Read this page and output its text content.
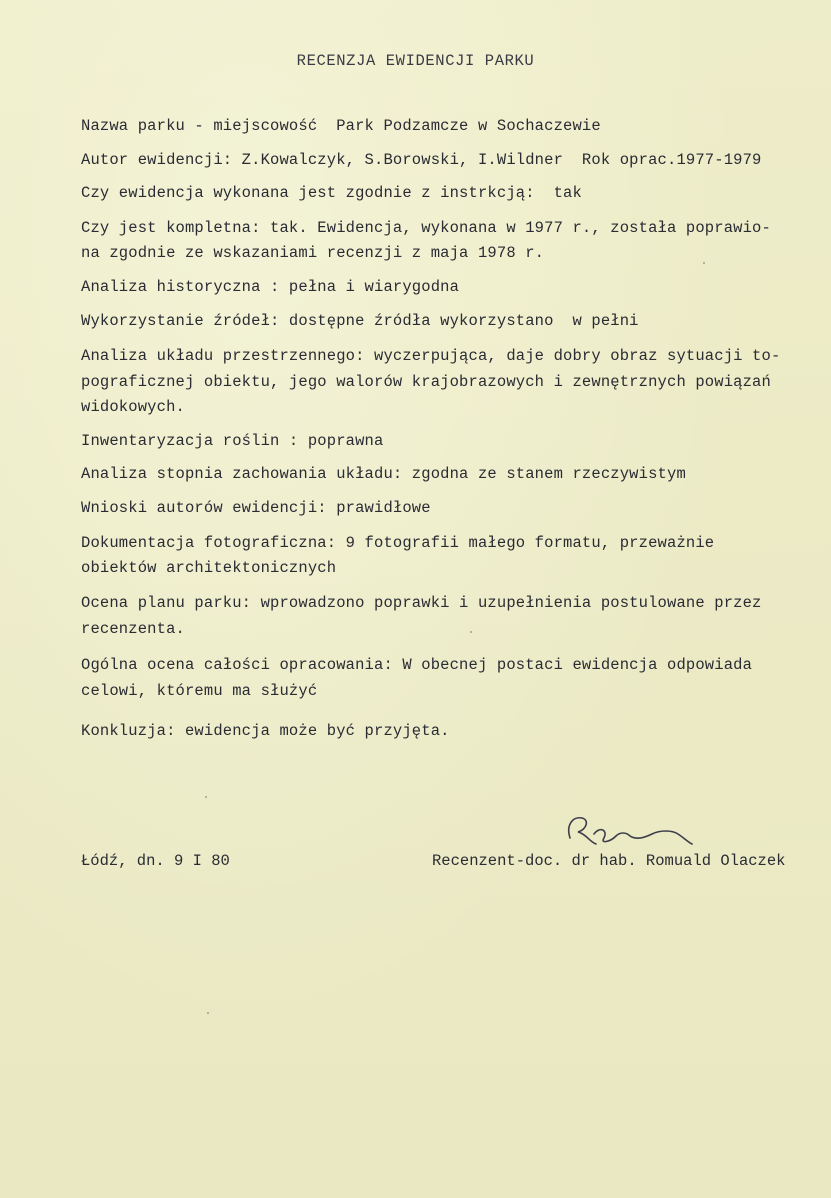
RECENZJA EWIDENCJI PARKU
Nazwa parku - miejscowość  Park Podzamcze w Sochaczewie
Autor ewidencji: Z.Kowalczyk, S.Borowski, I.Wildner  Rok oprac.1977-1979
Czy ewidencja wykonana jest zgodnie z instrkcją:  tak
Czy jest kompletna: tak. Ewidencja, wykonana w 1977 r., została poprawio-
na zgodnie ze wskazaniami recenzji z maja 1978 r.
Analiza historyczna : pełna i wiarygodna
Wykorzystanie źródeł: dostępne źródła wykorzystano  w pełni
Analiza układu przestrzennego: wyczerpująca, daje dobry obraz sytuacji to-
pograficznej obiektu, jego walorów krajobrazowych i zewnętrznych powiązań
widokowych.
Inwentaryzacja roślin : poprawna
Analiza stopnia zachowania układu: zgodna ze stanem rzeczywistym
Wnioski autorów ewidencji: prawidłowe
Dokumentacja fotograficzna: 9 fotografii małego formatu, przeważnie
obiektów architektonicznych
Ocena planu parku: wprowadzono poprawki i uzupełnienia postulowane przez
recenzenta.
Ogólna ocena całości opracowania: W obecnej postaci ewidencja odpowiada
celowi, któremu ma służyć
Konkluzja: ewidencja może być przyjęta.
Łódź, dn. 9 I 80	Recenzent-doc. dr hab. Romuald Olaczek
